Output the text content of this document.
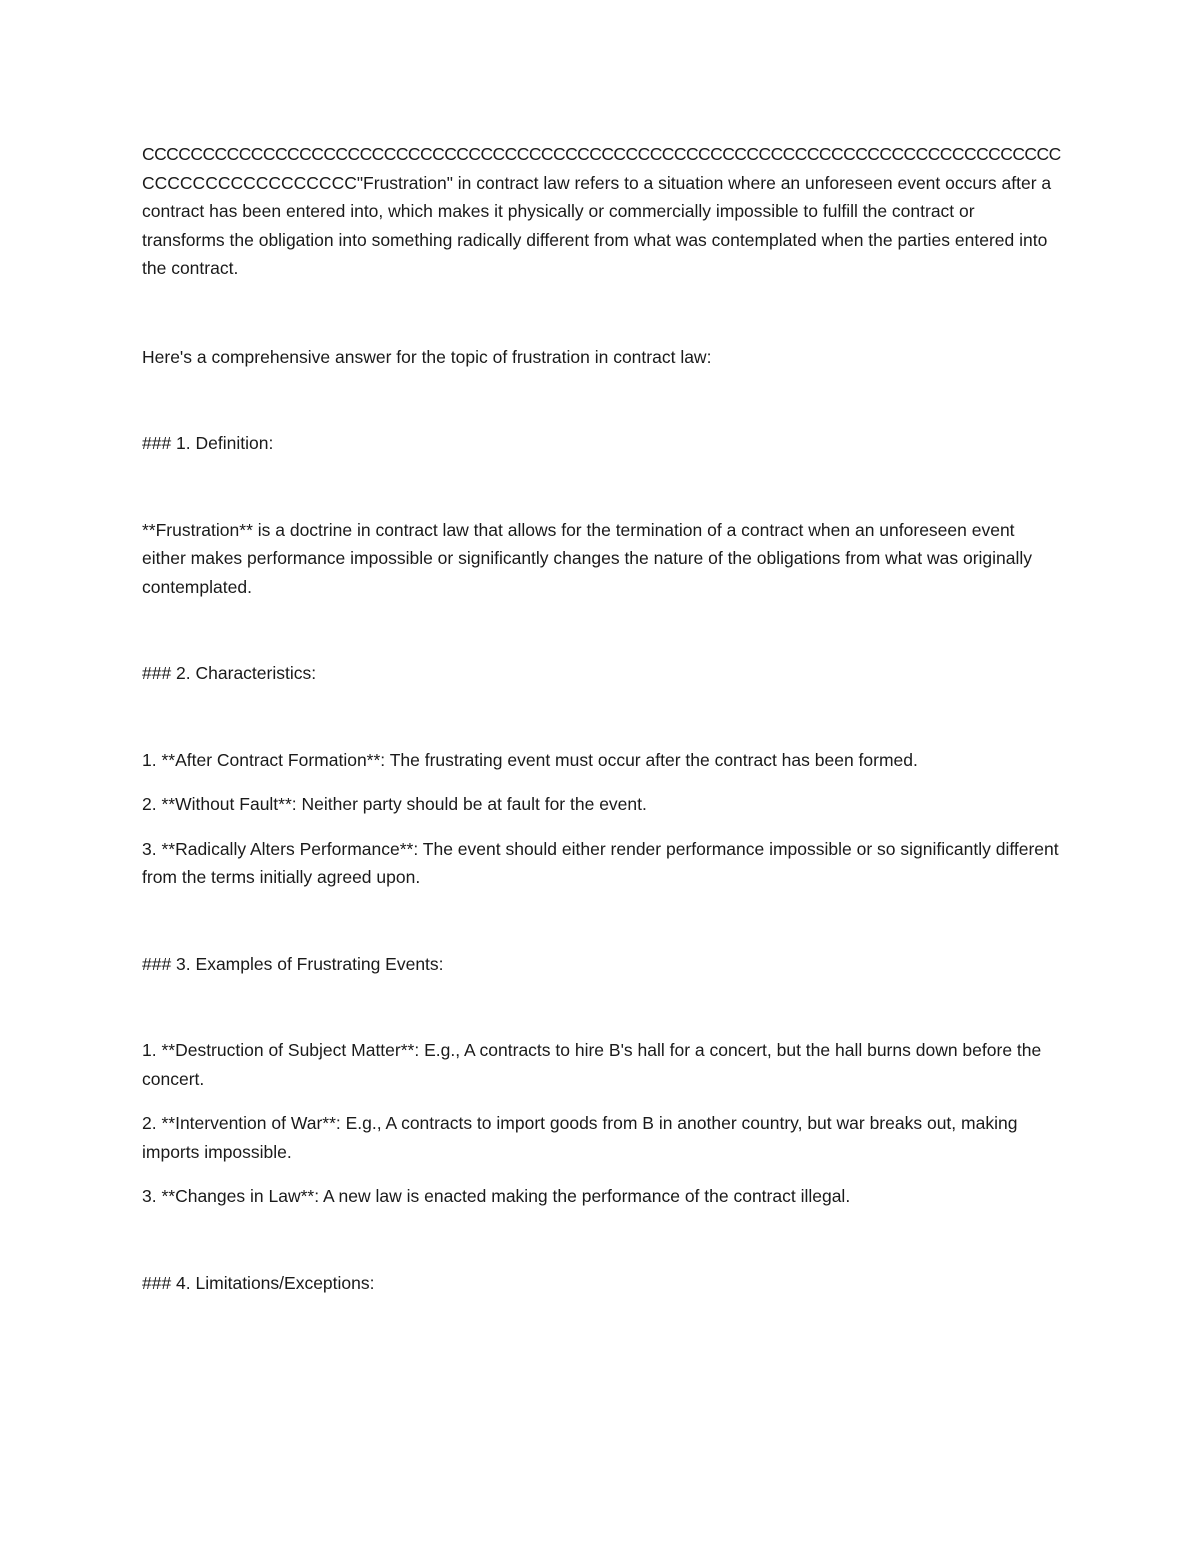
CCCCCCCCCCCCCCCCCCCCCCCCCCCCCCCCCCCCCCCCCCCCCCCCCCCCCCCCCCCCCCCCCCCCCCCCCCCC
CCCCCCCCCCCCCCCCC"Frustration" in contract law refers to a situation where an unforeseen event occurs after a contract has been entered into, which makes it physically or commercially impossible to fulfill the contract or transforms the obligation into something radically different from what was contemplated when the parties entered into the contract.

Here's a comprehensive answer for the topic of frustration in contract law:

### 1. Definition:

**Frustration** is a doctrine in contract law that allows for the termination of a contract when an unforeseen event either makes performance impossible or significantly changes the nature of the obligations from what was originally contemplated.

### 2. Characteristics:

1. **After Contract Formation**: The frustrating event must occur after the contract has been formed.

2. **Without Fault**: Neither party should be at fault for the event.

3. **Radically Alters Performance**: The event should either render performance impossible or so significantly different from the terms initially agreed upon.

### 3. Examples of Frustrating Events:

1. **Destruction of Subject Matter**: E.g., A contracts to hire B's hall for a concert, but the hall burns down before the concert.

2. **Intervention of War**: E.g., A contracts to import goods from B in another country, but war breaks out, making imports impossible.

3. **Changes in Law**: A new law is enacted making the performance of the contract illegal.

### 4. Limitations/Exceptions:
